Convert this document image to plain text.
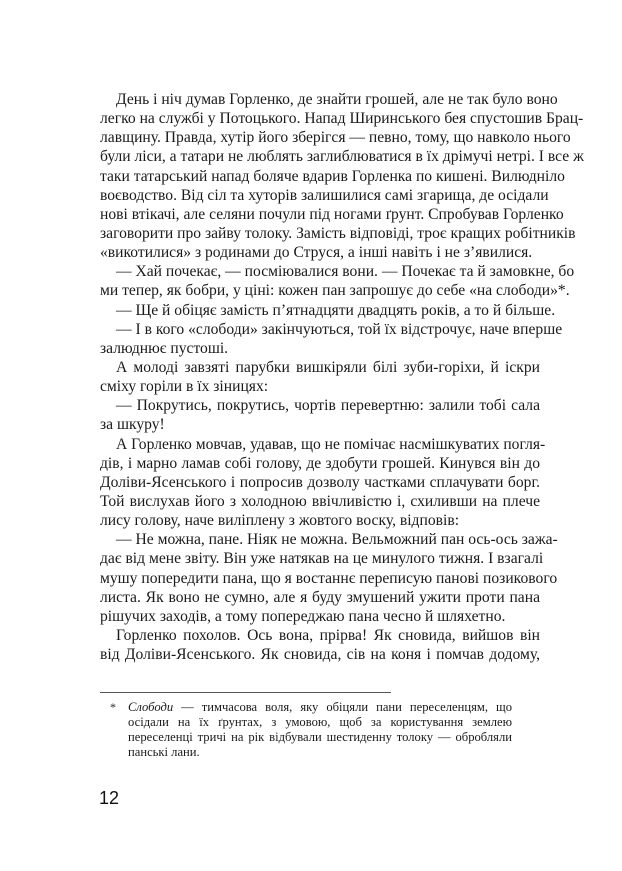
День і ніч думав Горленко, де знайти грошей, але не так було воно
легко на службі у Потоцького. Напад Ширинського бея спустошив Брац-
лавщину. Правда, хутір його зберігся — певно, тому, що навколо нього
були ліси, а татари не люблять заглиблюватися в їх дрімучі нетрі. І все ж
таки татарський напад боляче вдарив Горленка по кишені. Вилюдніло
воєводство. Від сіл та хуторів залишилися самі згарища, де осідали
нові втікачі, але селяни почули під ногами ґрунт. Спробував Горленко
заговорити про зайву толоку. Замість відповіді, троє кращих робітників
«викотилися» з родинами до Струся, а інші навіть і не з’явилися.
— Хай почекає, — посміювалися вони. — Почекає та й замовкне, бо
ми тепер, як бобри, у ціні: кожен пан запрошує до себе «на слободи»*.
— Ще й обіцяє замість п’ятнадцяти двадцять років, а то й більше.
— І в кого «слободи» закінчуються, той їх відстрочує, наче вперше
залюднює пустоші.
А молоді завзяті парубки вишкіряли білі зуби-горіхи, й іскри
сміху горіли в їх зіницях:
— Покрутись, покрутись, чортів перевертню: залили тобі сала
за шкуру!
А Горленко мовчав, удавав, що не помічає насмішкуватих погля-
дів, і марно ламав собі голову, де здобути грошей. Кинувся він до
Доліви-Ясенського і попросив дозволу частками сплачувати борг.
Той вислухав його з холодною ввічливістю і, схиливши на плече
лису голову, наче виліплену з жовтого воску, відповів:
— Не можна, пане. Ніяк не можна. Вельможний пан ось-ось зажа-
дає від мене звіту. Він уже натякав на це минулого тижня. І взагалі
мушу попередити пана, що я востаннє переписую панові позикового
листа. Як воно не сумно, але я буду змушений ужити проти пана
рішучих заходів, а тому попереджаю пана чесно й шляхетно.
Горленко похолов. Ось вона, прірва! Як сновида, вийшов він
від Доліви-Ясенського. Як сновида, сів на коня і помчав додому,
* Слободи — тимчасова воля, яку обіцяли пани переселенцям, що
осідали на їх ґрунтах, з умовою, щоб за користування землею
переселенці тричі на рік відбували шестиденну толоку — обробляли
панські лани.
12
